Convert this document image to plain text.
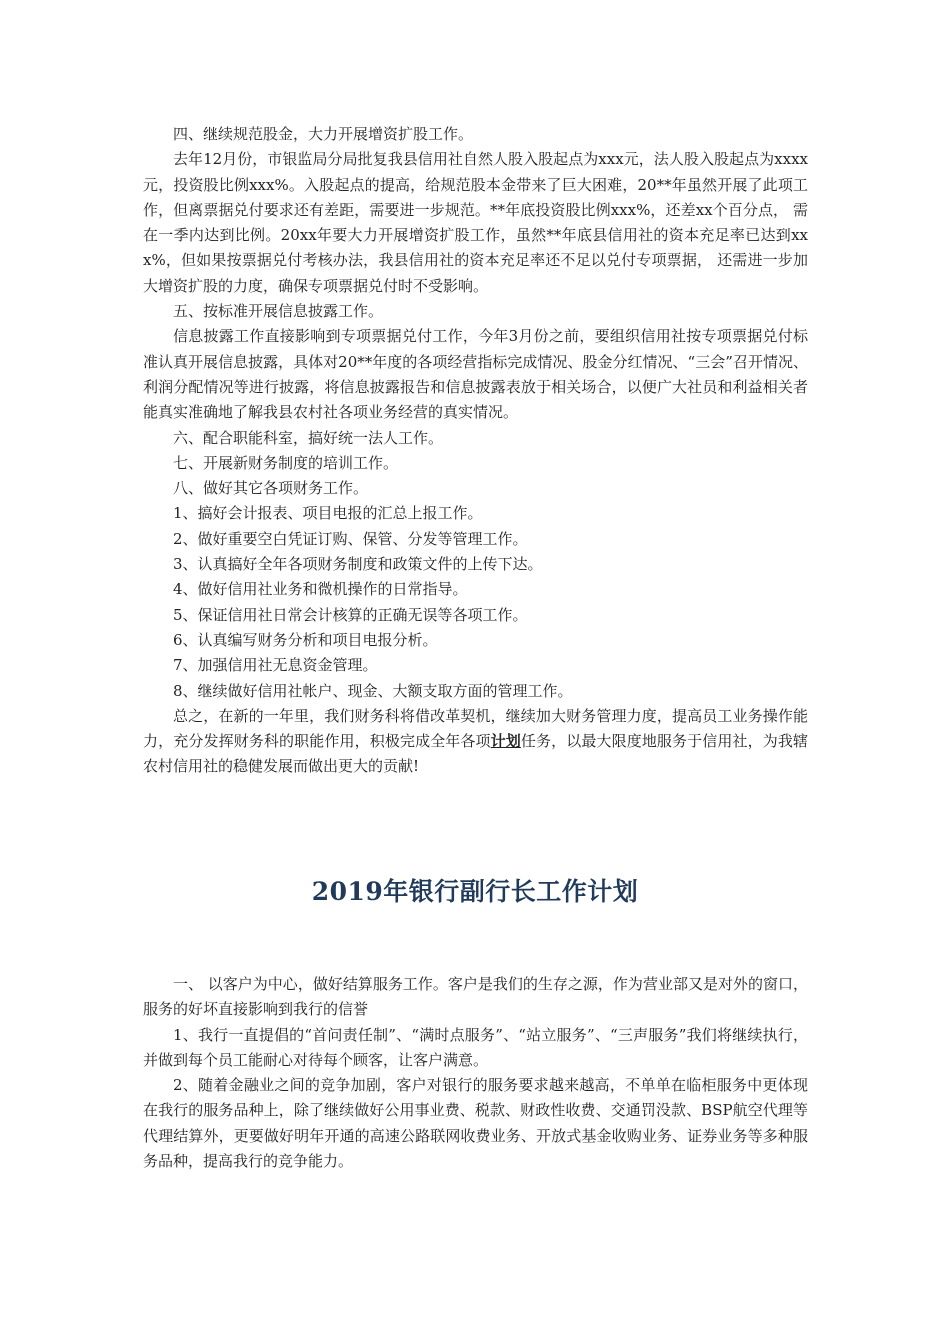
四、继续规范股金，大力开展增资扩股工作。

去年12月份，市银监局分局批复我县信用社自然人股入股起点为xxx元，法人股入股起点为xxxx元，投资股比例xxx%。入股起点的提高，给规范股本金带来了巨大困难，20**年虽然开展了此项工作，但离票据兑付要求还有差距，需要进一步规范。**年底投资股比例xxx%，还差xx个百分点， 需在一季内达到比例。20xx年要大力开展增资扩股工作，虽然**年底县信用社的资本充足率已达到xxx%，但如果按票据兑付考核办法，我县信用社的资本充足率还不足以兑付专项票据， 还需进一步加大增资扩股的力度，确保专项票据兑付时不受影响。

五、按标准开展信息披露工作。

信息披露工作直接影响到专项票据兑付工作，今年3月份之前，要组织信用社按专项票据兑付标准认真开展信息披露，具体对20**年度的各项经营指标完成情况、股金分红情况、“三会”召开情况、利润分配情况等进行披露，将信息披露报告和信息披露表放于相关场合，以便广大社员和利益相关者能真实准确地了解我县农村社各项业务经营的真实情况。

六、配合职能科室，搞好统一法人工作。

七、开展新财务制度的培训工作。

八、做好其它各项财务工作。

1、搞好会计报表、项目电报的汇总上报工作。

2、做好重要空白凭证订购、保管、分发等管理工作。

3、认真搞好全年各项财务制度和政策文件的上传下达。

4、做好信用社业务和微机操作的日常指导。

5、保证信用社日常会计核算的正确无误等各项工作。

6、认真编写财务分析和项目电报分析。

7、加强信用社无息资金管理。

8、继续做好信用社帐户、现金、大额支取方面的管理工作。

总之，在新的一年里，我们财务科将借改革契机，继续加大财务管理力度，提高员工业务操作能力，充分发挥财务科的职能作用，积极完成全年各项计划任务，以最大限度地服务于信用社，为我辖农村信用社的稳健发展而做出更大的贡献!

2019年银行副行长工作计划

一、 以客户为中心，做好结算服务工作。客户是我们的生存之源，作为营业部又是对外的窗口，服务的好坏直接影响到我行的信誉

1、我行一直提倡的“首问责任制”、“满时点服务”、“站立服务”、“三声服务”我们将继续执行，并做到每个员工能耐心对待每个顾客，让客户满意。

2、随着金融业之间的竞争加剧，客户对银行的服务要求越来越高，不单单在临柜服务中更体现在我行的服务品种上，除了继续做好公用事业费、税款、财政性收费、交通罚没款、BSP航空代理等代理结算外，更要做好明年开通的高速公路联网收费业务、开放式基金收购业务、证券业务等多种服务品种，提高我行的竞争能力。
